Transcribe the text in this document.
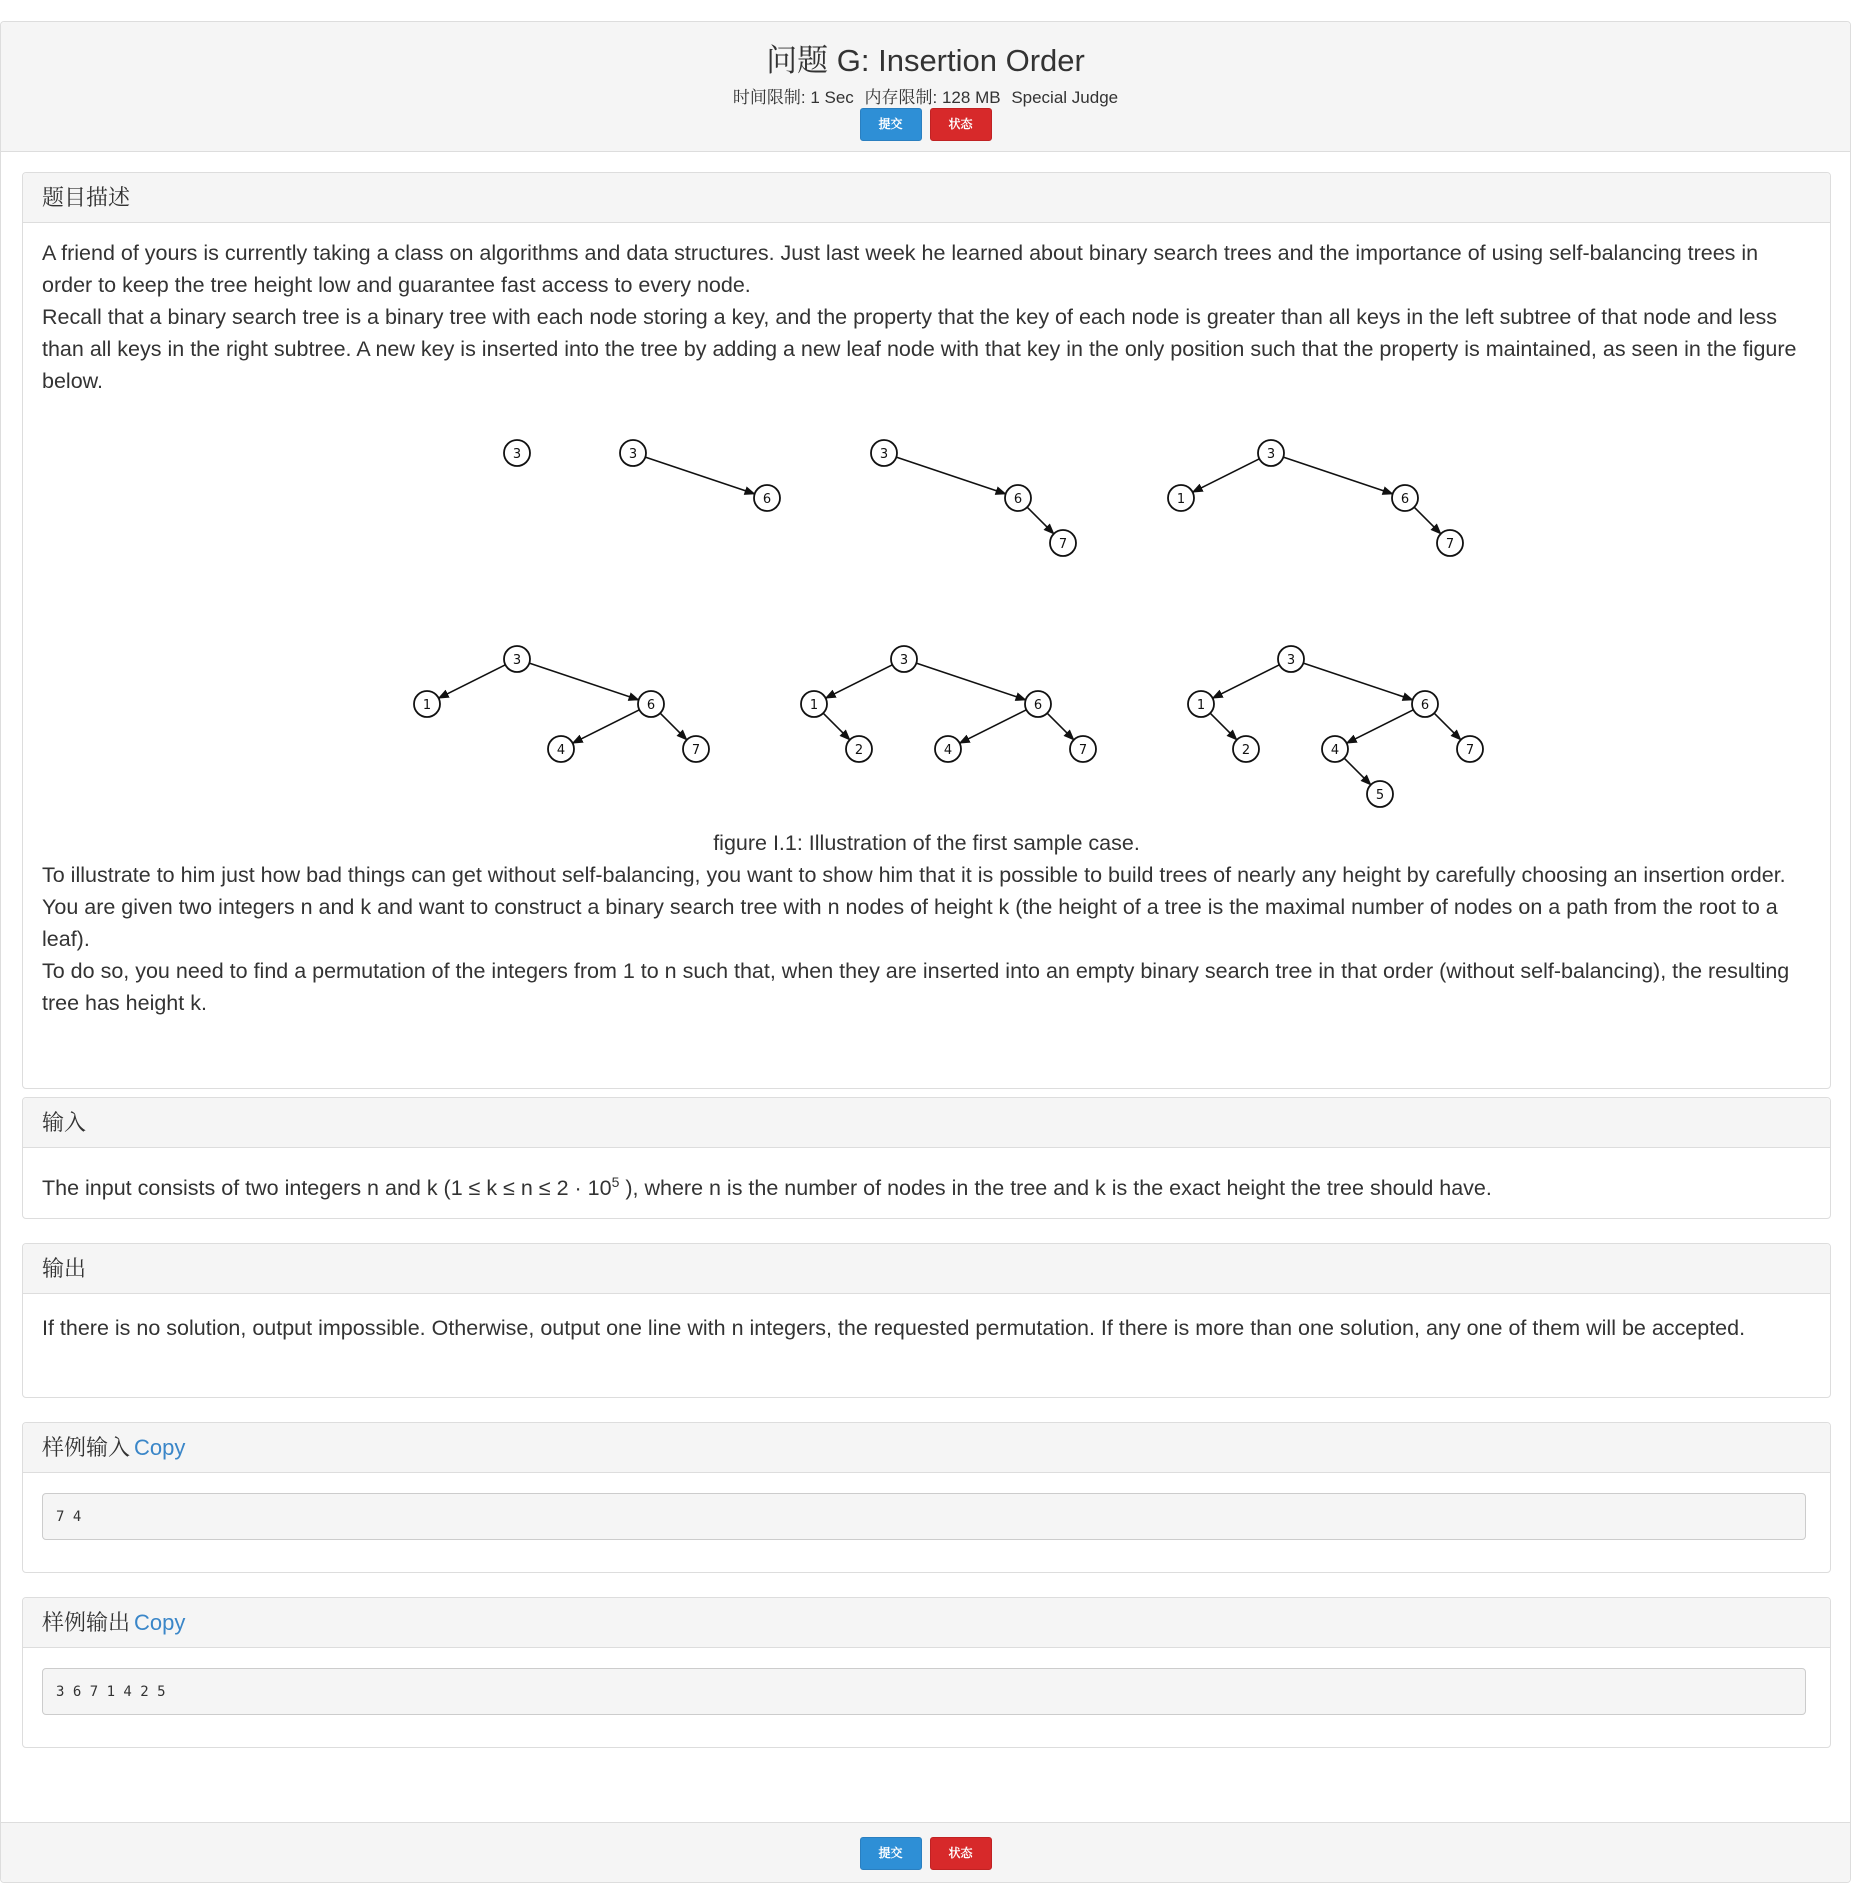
问题 G: Insertion Order
时间限制: 1 Sec 内存限制: 128 MB Special Judge
提交	状态
题目描述

A friend of yours is currently taking a class on algorithms and data structures. Just last week he learned about binary search trees and the importance of using self-balancing trees in order to keep the tree height low and guarantee fast access to every node.

Recall that a binary search tree is a binary tree with each node storing a key, and the property that the key of each node is greater than all keys in the left subtree of that node and less than all keys in the right subtree. A new key is inserted into the tree by adding a new leaf node with that key in the only position such that the property is maintained, as seen in the figure below.

3	3
6
3
6
7
3
1	6
7
3
1	6
4	7
3
1
2
6
4	7
3
1
2
6
4
5
7

figure I.1: Illustration of the first sample case.

To illustrate to him just how bad things can get without self-balancing, you want to show him that it is possible to build trees of nearly any height by carefully choosing an insertion order.

You are given two integers n and k and want to construct a binary search tree with n nodes of height k (the height of a tree is the maximal number of nodes on a path from the root to a leaf).

To do so, you need to find a permutation of the integers from 1 to n such that, when they are inserted into an empty binary search tree in that order (without self-balancing), the resulting tree has height k.

输入

The input consists of two integers n and k ($1 \le k \le n \le 2 \cdot 10^5$ ), where n is the number of nodes in the tree and k is the exact height the tree should have.

输出

If there is no solution, output impossible. Otherwise, output one line with n integers, the requested permutation. If there is more than one solution, any one of them will be accepted.

样例输入 Copy
7 4
样例输出 Copy
3 6 7 1 4 2 5
提交	状态
